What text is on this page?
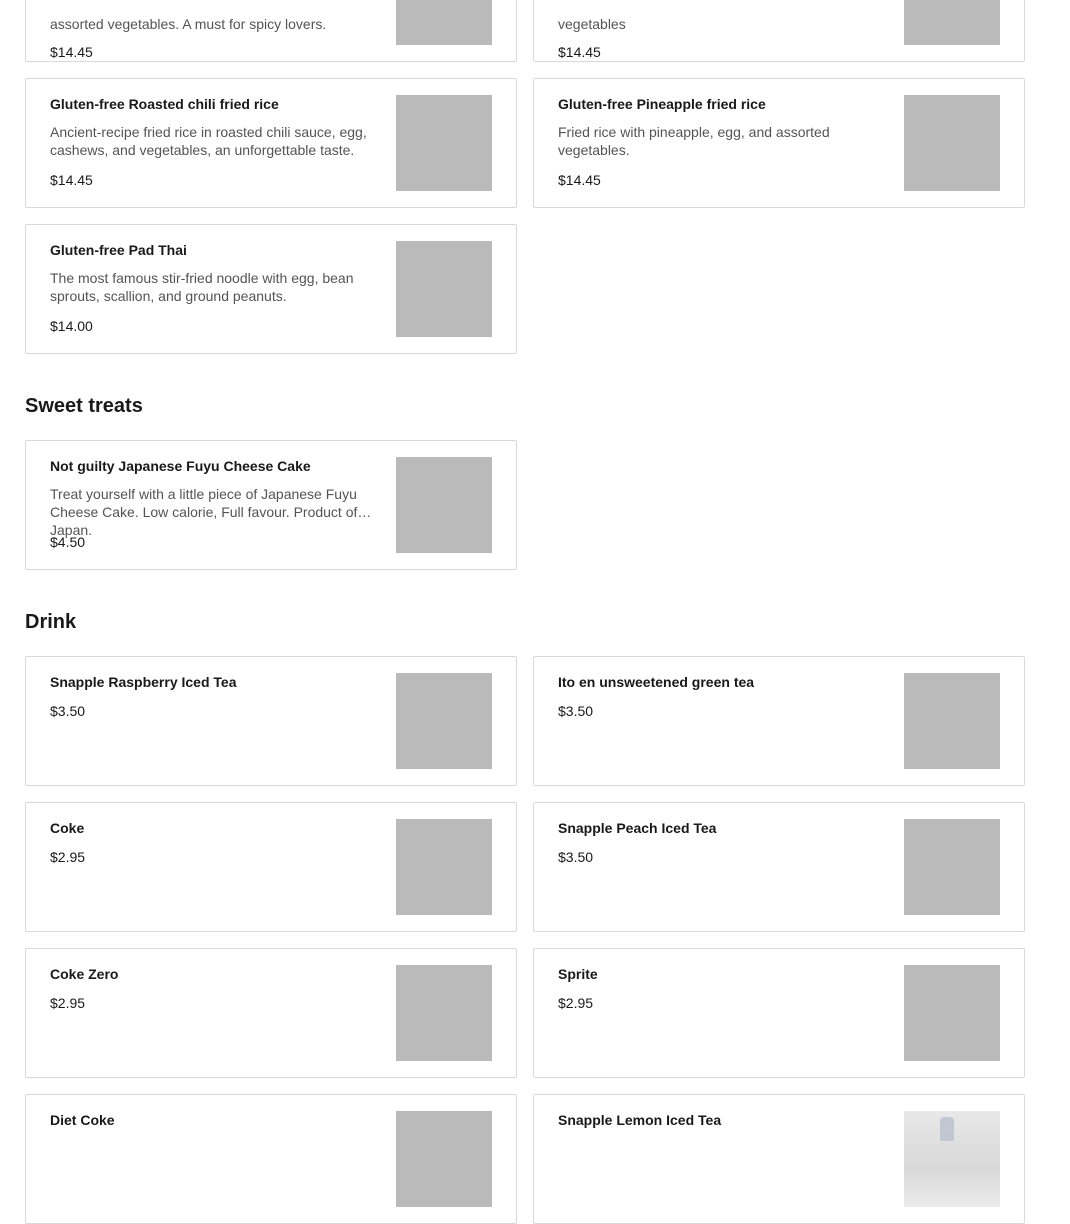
assorted vegetables. A must for spicy lovers.
$14.45
vegetables
$14.45
Gluten-free Roasted chili fried rice
Ancient-recipe fried rice in roasted chili sauce, egg, cashews, and vegetables, an unforgettable taste.
$14.45
Gluten-free Pineapple fried rice
Fried rice with pineapple, egg, and assorted vegetables.
$14.45
Gluten-free Pad Thai
The most famous stir-fried noodle with egg, bean sprouts, scallion, and ground peanuts.
$14.00
Sweet treats
Not guilty Japanese Fuyu Cheese Cake
Treat yourself with a little piece of Japanese Fuyu Cheese Cake. Low calorie, Full favour. Product of Japan.
$4.50
Drink
Snapple Raspberry Iced Tea
$3.50
Ito en unsweetened green tea
$3.50
Coke
$2.95
Snapple Peach Iced Tea
$3.50
Coke Zero
$2.95
Sprite
$2.95
Diet Coke	Snapple Lemon Iced Tea
